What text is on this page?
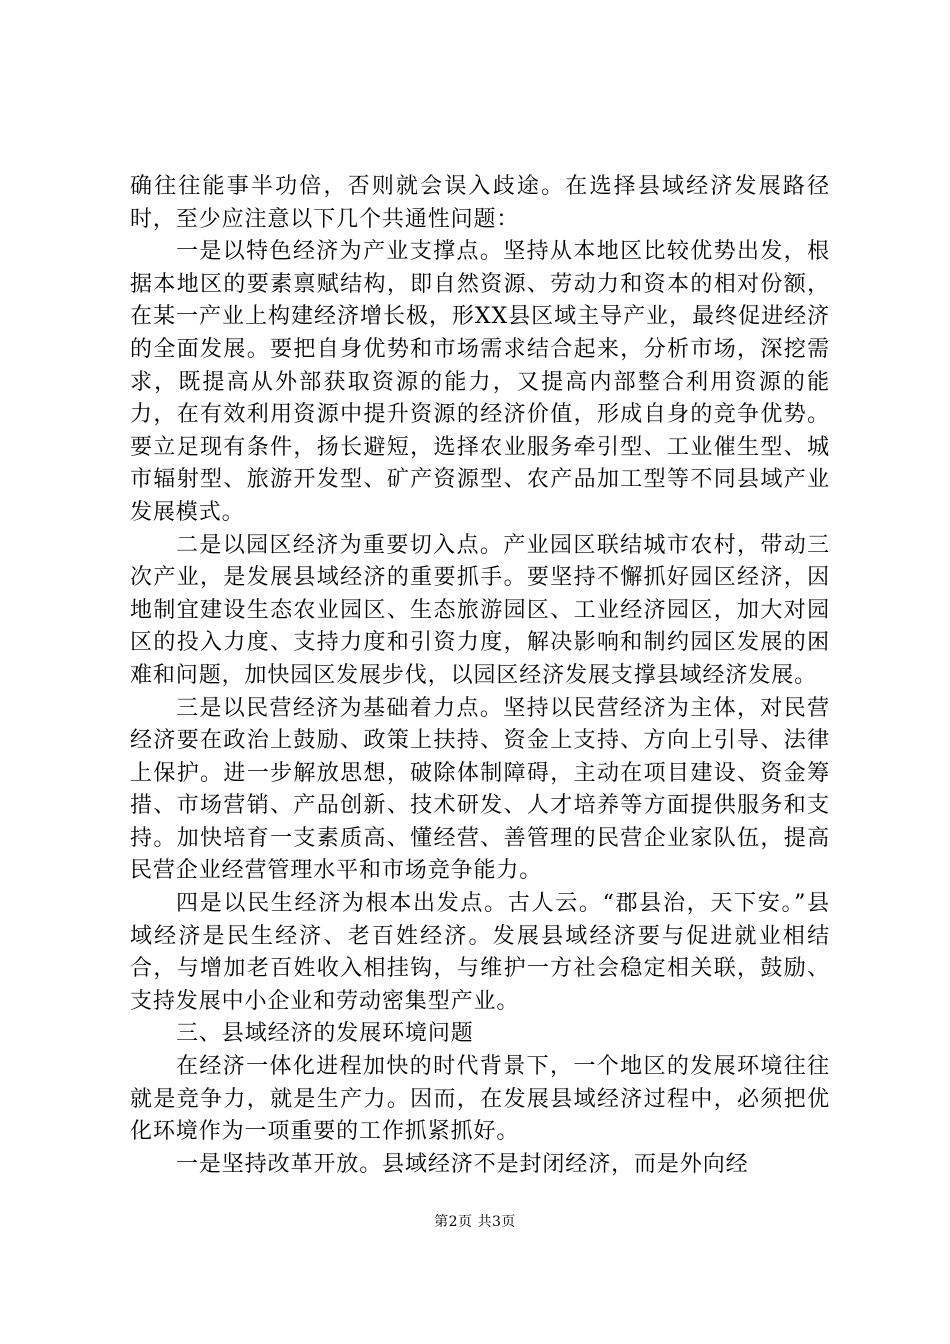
确往往能事半功倍，否则就会误入歧途。在选择县域经济发展路径时，至少应注意以下几个共通性问题：

一是以特色经济为产业支撑点。坚持从本地区比较优势出发，根据本地区的要素禀赋结构，即自然资源、劳动力和资本的相对份额，在某一产业上构建经济增长极，形XX县区域主导产业，最终促进经济的全面发展。要把自身优势和市场需求结合起来，分析市场，深挖需求，既提高从外部获取资源的能力，又提高内部整合利用资源的能力，在有效利用资源中提升资源的经济价值，形成自身的竞争优势。要立足现有条件，扬长避短，选择农业服务牵引型、工业催生型、城市辐射型、旅游开发型、矿产资源型、农产品加工型等不同县域产业发展模式。

二是以园区经济为重要切入点。产业园区联结城市农村，带动三次产业，是发展县域经济的重要抓手。要坚持不懈抓好园区经济，因地制宜建设生态农业园区、生态旅游园区、工业经济园区，加大对园区的投入力度、支持力度和引资力度，解决影响和制约园区发展的困难和问题，加快园区发展步伐，以园区经济发展支撑县域经济发展。

三是以民营经济为基础着力点。坚持以民营经济为主体，对民营经济要在政治上鼓励、政策上扶持、资金上支持、方向上引导、法律上保护。进一步解放思想，破除体制障碍，主动在项目建设、资金筹措、市场营销、产品创新、技术研发、人才培养等方面提供服务和支持。加快培育一支素质高、懂经营、善管理的民营企业家队伍，提高民营企业经营管理水平和市场竞争能力。

四是以民生经济为根本出发点。古人云。“郡县治，天下安。”县域经济是民生经济、老百姓经济。发展县域经济要与促进就业相结合，与增加老百姓收入相挂钩，与维护一方社会稳定相关联，鼓励、支持发展中小企业和劳动密集型产业。

三、县域经济的发展环境问题

在经济一体化进程加快的时代背景下，一个地区的发展环境往往就是竞争力，就是生产力。因而，在发展县域经济过程中，必须把优化环境作为一项重要的工作抓紧抓好。

一是坚持改革开放。县域经济不是封闭经济，而是外向经

第2页 共3页
